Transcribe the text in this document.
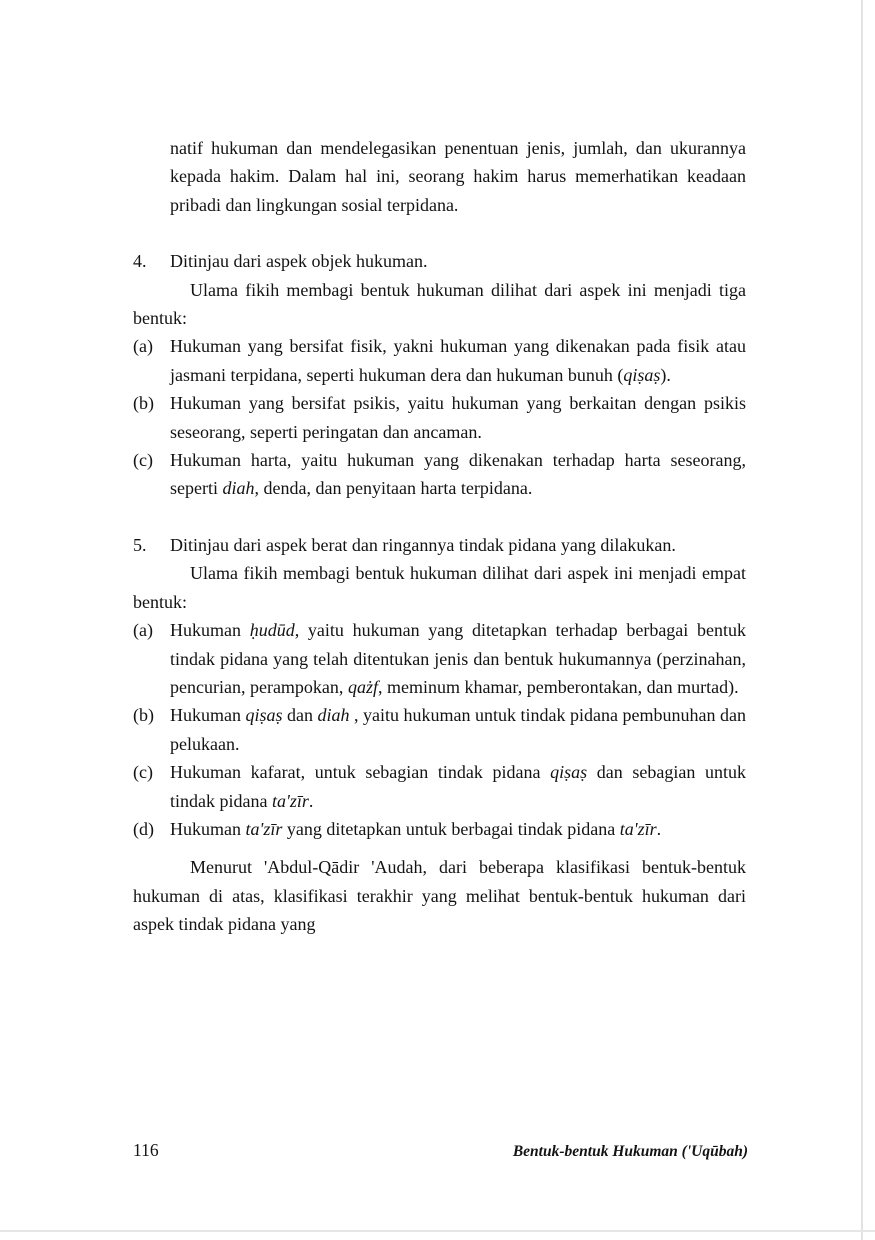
natif hukuman dan mendelegasikan penentuan jenis, jumlah, dan ukurannya kepada hakim. Dalam hal ini, seorang hakim harus memerhatikan keadaan pribadi dan lingkungan sosial terpidana.
4.	Ditinjau dari aspek objek hukuman.
Ulama fikih membagi bentuk hukuman dilihat dari aspek ini menjadi tiga bentuk:
(a) Hukuman yang bersifat fisik, yakni hukuman yang dikenakan pada fisik atau jasmani terpidana, seperti hukuman dera dan hukuman bunuh (qiṣaṣ).
(b) Hukuman yang bersifat psikis, yaitu hukuman yang berkaitan dengan psikis seseorang, seperti peringatan dan ancaman.
(c) Hukuman harta, yaitu hukuman yang dikenakan terhadap harta seseorang, seperti diah, denda, dan penyitaan harta terpidana.
5.	Ditinjau dari aspek berat dan ringannya tindak pidana yang dilakukan.
Ulama fikih membagi bentuk hukuman dilihat dari aspek ini menjadi empat bentuk:
(a) Hukuman ḥudūd, yaitu hukuman yang ditetapkan terhadap berbagai bentuk tindak pidana yang telah ditentukan jenis dan bentuk hukumannya (perzinahan, pencurian, perampokan, qażf, meminum khamar, pemberontakan, dan murtad).
(b) Hukuman qiṣaṣ dan diah , yaitu hukuman untuk tindak pidana pembunuhan dan pelukaan.
(c) Hukuman kafarat, untuk sebagian tindak pidana qiṣaṣ dan sebagian untuk tindak pidana ta'zīr.
(d) Hukuman ta'zīr yang ditetapkan untuk berbagai tindak pidana ta'zīr.
Menurut 'Abdul-Qādir 'Audah, dari beberapa klasifikasi bentuk-bentuk hukuman di atas, klasifikasi terakhir yang melihat bentuk-bentuk hukuman dari aspek tindak pidana yang
116	Bentuk-bentuk Hukuman ('Uqūbah)
